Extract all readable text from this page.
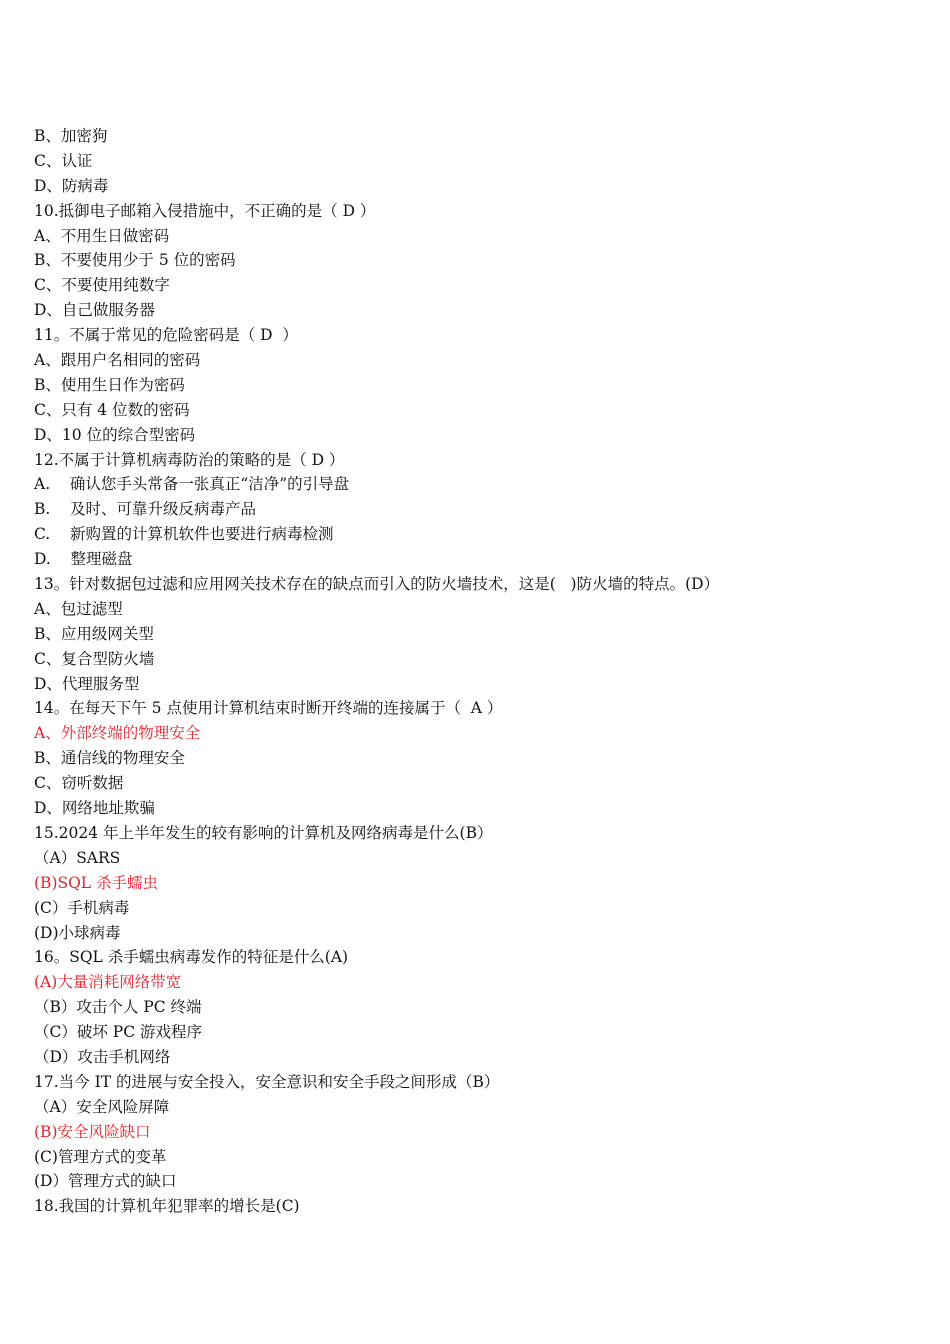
B、加密狗
C、认证
D、防病毒
10.抵御电子邮箱入侵措施中，不正确的是（ D ）
A、不用生日做密码
B、不要使用少于 5 位的密码
C、不要使用纯数字
D、自己做服务器
11。不属于常见的危险密码是（ D  ）
A、跟用户名相同的密码
B、使用生日作为密码
C、只有 4 位数的密码
D、10 位的综合型密码
12.不属于计算机病毒防治的策略的是（ D ）
A.    确认您手头常备一张真正“洁净”的引导盘
B.    及时、可靠升级反病毒产品
C.    新购置的计算机软件也要进行病毒检测
D.    整理磁盘
13。针对数据包过滤和应用网关技术存在的缺点而引入的防火墙技术，这是(   )防火墙的特点。(D）
A、包过滤型
B、应用级网关型
C、复合型防火墙
D、代理服务型
14。在每天下午 5 点使用计算机结束时断开终端的连接属于（  A ）
A、外部终端的物理安全
B、通信线的物理安全
C、窃听数据
D、网络地址欺骗
15.2024 年上半年发生的较有影响的计算机及网络病毒是什么(B）
（A）SARS
(B)SQL 杀手蠕虫
(C）手机病毒
(D)小球病毒
16。SQL 杀手蠕虫病毒发作的特征是什么(A)
(A)大量消耗网络带宽
（B）攻击个人 PC 终端
（C）破坏 PC 游戏程序
（D）攻击手机网络
17.当今 IT 的进展与安全投入，安全意识和安全手段之间形成（B）
（A）安全风险屏障
(B)安全风险缺口
(C)管理方式的变革
(D）管理方式的缺口
18.我国的计算机年犯罪率的增长是(C)
